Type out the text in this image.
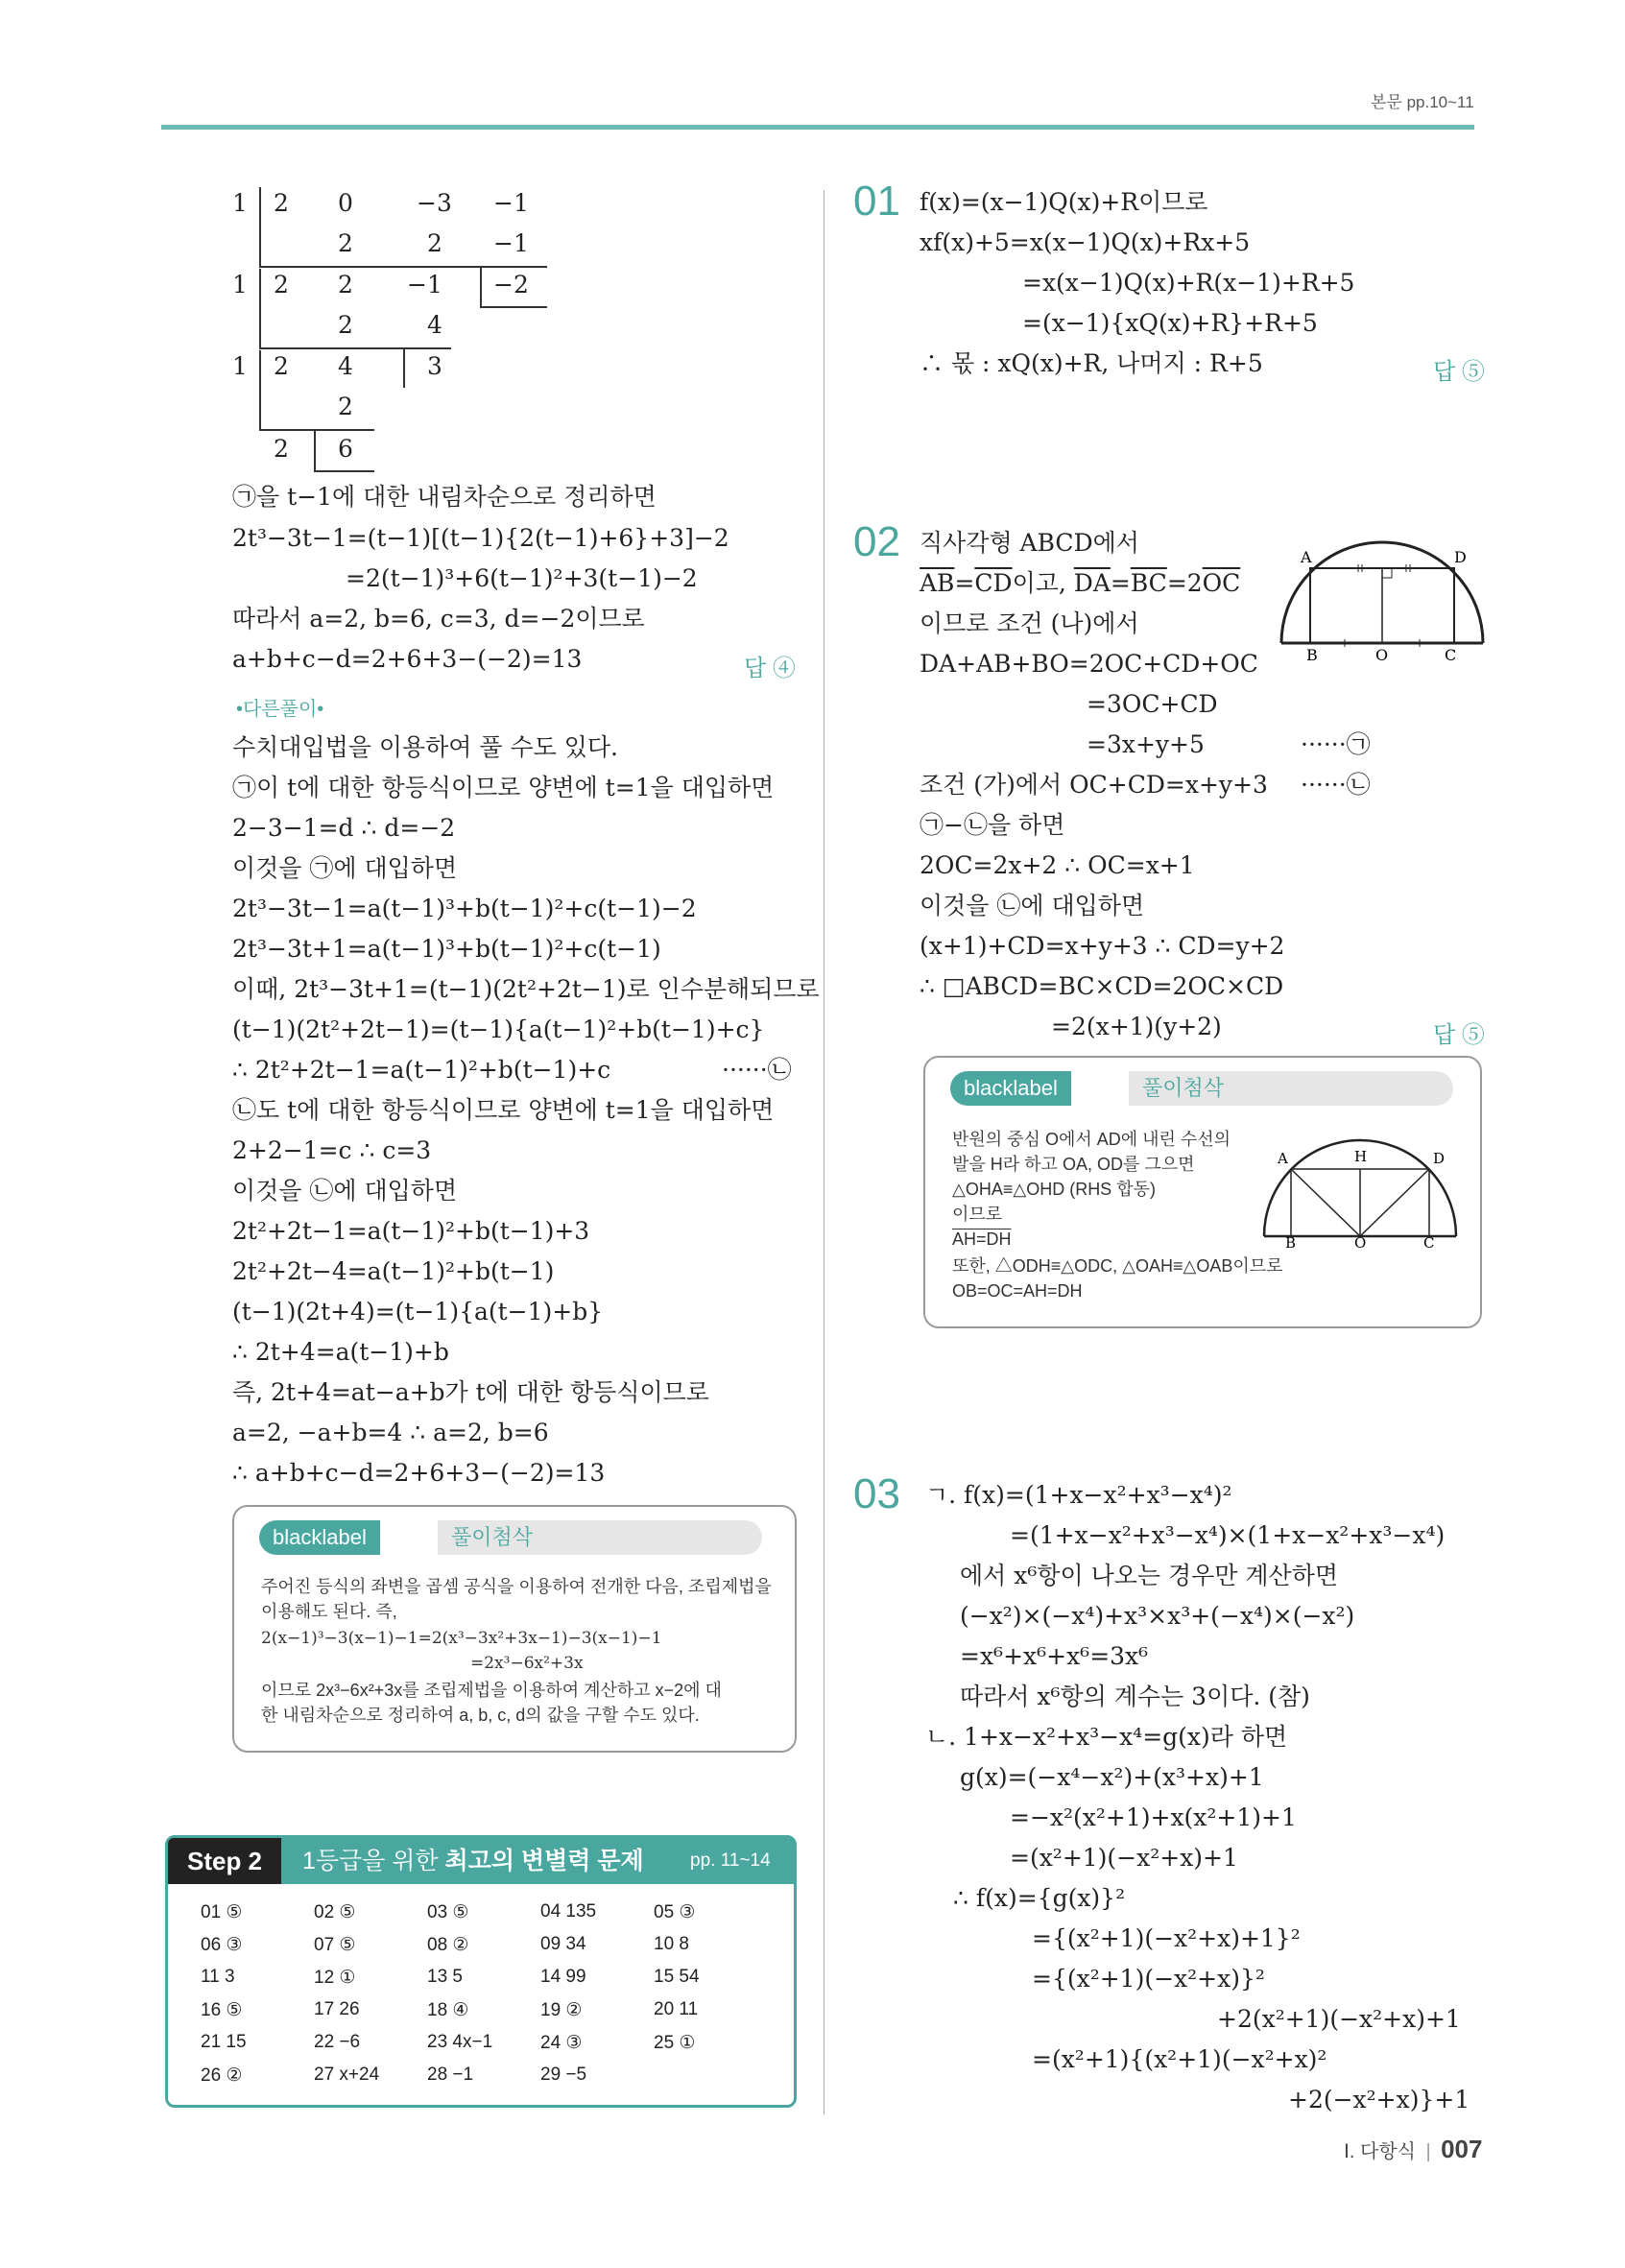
본문 pp.10~11
1 2 0	−3 −1
2	2 −1
1 2 2 −1 −2
2	4
1 2 4	3
2
2 6
㉠을 t−1에 대한 내림차순으로 정리하면
2t³−3t−1=(t−1)[(t−1){2(t−1)+6}+3]−2
=2(t−1)³+6(t−1)²+3(t−1)−2
따라서 a=2, b=6, c=3, d=−2이므로
a+b+c−d=2+6+3−(−2)=13	답 ④
•다른풀이•
수치대입법을 이용하여 풀 수도 있다.
㉠이 t에 대한 항등식이므로 양변에 t=1을 대입하면
2−3−1=d ∴ d=−2
이것을 ㉠에 대입하면
2t³−3t−1=a(t−1)³+b(t−1)²+c(t−1)−2
2t³−3t+1=a(t−1)³+b(t−1)²+c(t−1)
이때, 2t³−3t+1=(t−1)(2t²+2t−1)로 인수분해되므로
(t−1)(2t²+2t−1)=(t−1){a(t−1)²+b(t−1)+c}
∴ 2t²+2t−1=a(t−1)²+b(t−1)+c	······㉡
㉡도 t에 대한 항등식이므로 양변에 t=1을 대입하면
2+2−1=c ∴ c=3
이것을 ㉡에 대입하면
2t²+2t−1=a(t−1)²+b(t−1)+3
2t²+2t−4=a(t−1)²+b(t−1)
(t−1)(2t+4)=(t−1){a(t−1)+b}
∴ 2t+4=a(t−1)+b
즉, 2t+4=at−a+b가 t에 대한 항등식이므로
a=2, −a+b=4 ∴ a=2, b=6
∴ a+b+c−d=2+6+3−(−2)=13
blacklabel 특강
풀이첨삭
주어진 등식의 좌변을 곱셈 공식을 이용하여 전개한 다음, 조립제법을
이용해도 된다. 즉,
2(x−1)³−3(x−1)−1=2(x³−3x²+3x−1)−3(x−1)−1
=2x³−6x²+3x
이므로 2x³−6x²+3x를 조립제법을 이용하여 계산하고 x−2에 대
한 내림차순으로 정리하여 a, b, c, d의 값을 구할 수도 있다.
Step 2	1등급을 위한 최고의 변별력 문제	pp. 11~14
01 ⑤	02 ⑤	03 ⑤	04 135	05 ③
06 ③	07 ⑤	08 ②	09 34	10 8
11 3	12 ①	13 5	14 99	15 54
16 ⑤	17 26	18 ④	19 ②	20 11
21 15	22 −6	23 4x−1	24 ③	25 ①
26 ②	27 x+24	28 −1	29 −5	
01 f(x)=(x−1)Q(x)+R이므로
xf(x)+5=x(x−1)Q(x)+Rx+5
=x(x−1)Q(x)+R(x−1)+R+5
=(x−1){xQ(x)+R}+R+5
∴ 몫 : xQ(x)+R, 나머지 : R+5	답 ⑤
02 직사각형 ABCD에서
$\overline{AB}=\overline{CD}$이고, $\overline{DA}=\overline{BC}=2\overline{OC}$
이므로 조건 (나)에서
DA+AB+BO=2OC+CD+OC
=3OC+CD
=3x+y+5	······㉠
조건 (가)에서 OC+CD=x+y+3 ······㉡
㉠−㉡을 하면
2OC=2x+2 ∴ OC=x+1
이것을 ㉡에 대입하면
(x+1)+CD=x+y+3 ∴ CD=y+2
∴ □ABCD=BC×CD=2OC×CD
=2(x+1)(y+2)	답 ⑤
A	D
B	O	C
blacklabel 특강
풀이첨삭
반원의 중심 O에서 AD에 내린 수선의
발을 H라 하고 OA, OD를 그으면
△OHA≡△OHD (RHS 합동)
이므로
AH=DH
또한, △ODH≡△ODC, △OAH≡△OAB이므로
OB=OC=AH=DH
A	H	D
B	O	C
03 ㄱ. f(x)=(1+x−x²+x³−x⁴)²
=(1+x−x²+x³−x⁴)×(1+x−x²+x³−x⁴)
에서 x⁶항이 나오는 경우만 계산하면
(−x²)×(−x⁴)+x³×x³+(−x⁴)×(−x²)
=x⁶+x⁶+x⁶=3x⁶
따라서 x⁶항의 계수는 3이다. (참)
ㄴ. 1+x−x²+x³−x⁴=g(x)라 하면
g(x)=(−x⁴−x²)+(x³+x)+1
=−x²(x²+1)+x(x²+1)+1
=(x²+1)(−x²+x)+1
∴ f(x)={g(x)}²
={(x²+1)(−x²+x)+1}²
={(x²+1)(−x²+x)}²
+2(x²+1)(−x²+x)+1
=(x²+1){(x²+1)(−x²+x)²
+2(−x²+x)}+1
Ⅰ. 다항식 | 007
